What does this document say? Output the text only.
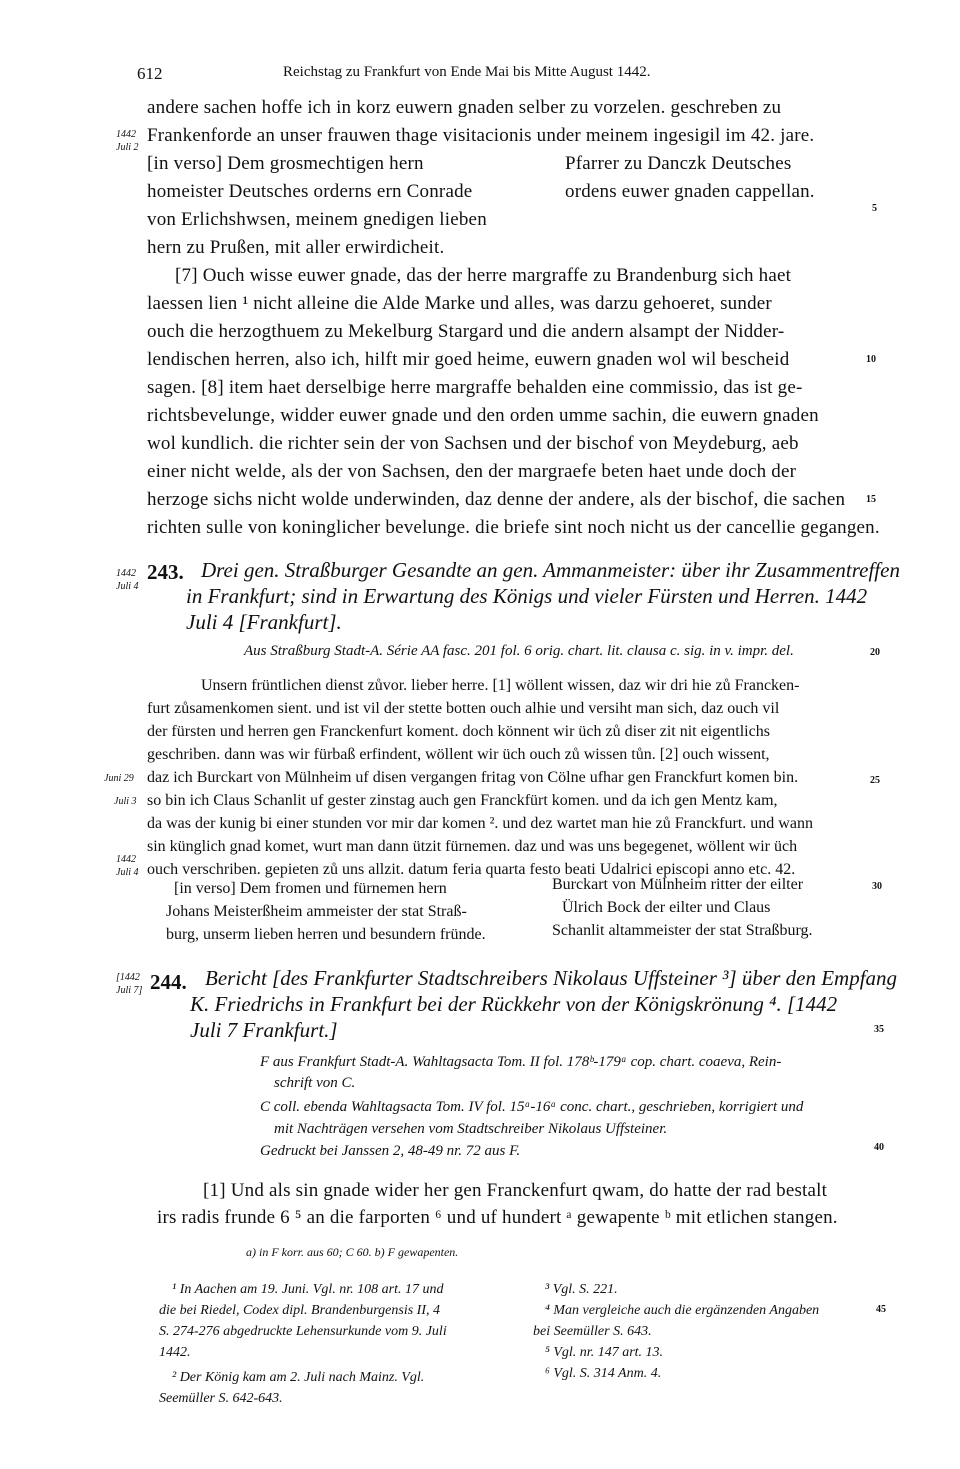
612	Reichstag zu Frankfurt von Ende Mai bis Mitte August 1442.
andere sachen hoffe ich in korz euwern gnaden selber zu vorzelen. geschreben zu
Frankenforde an unser frauwen thage visitacionis under meinem ingesigil im 42. jare.
1442
Juli 2
[in verso] Dem grosmechtigen hern
homeister Deutsches orderns ern Conrade
von Erlichshwsen, meinem gnedigen lieben
hern zu Prußen, mit aller erwirdicheit.
Pfarrer zu Danczk Deutsches
ordens euwer gnaden cappellan.
5
[7] Ouch wisse euwer gnade, das der herre margraffe zu Brandenburg sich haet
laessen lien ¹ nicht alleine die Alde Marke und alles, was darzu gehoeret, sunder
ouch die herzogthuem zu Mekelburg Stargard und die andern alsampt der Nidder-
lendischen herren, also ich, hilft mir goed heime, euwern gnaden wol wil bescheid
sagen. [8] item haet derselbige herre margraffe behalden eine commissio, das ist ge-
richtsbevelunge, widder euwer gnade und den orden umme sachin, die euwern gnaden
wol kundlich. die richter sein der von Sachsen und der bischof von Meydeburg, aeb
einer nicht welde, als der von Sachsen, den der margraefe beten haet unde doch der
herzoge sichs nicht wolde underwinden, daz denne der andere, als der bischof, die sachen
richten sulle von koninglicher bevelunge. die briefe sint noch nicht us der cancellie gegangen.
10
15
1442
Juli 4
243. Drei gen. Straßburger Gesandte an gen. Ammanmeister: über ihr Zusammentreffen
in Frankfurt; sind in Erwartung des Königs und vieler Fürsten und Herren. 1442
Juli 4 [Frankfurt].
Aus Straßburg Stadt-A. Série AA fasc. 201 fol. 6 orig. chart. lit. clausa c. sig. in v. impr. del.	20
Unsern früntlichen dienst zůvor. lieber herre. [1] wöllent wissen, daz wir dri hie zů Francken-
furt zůsamenkomen sient. und ist vil der stette botten ouch alhie und versiht man sich, daz ouch vil
der fürsten und herren gen Franckenfurt koment. doch könnent wir üch zů diser zit nit eigentlichs
geschriben. dann was wir fürbaß erfindent, wöllent wir üch ouch zů wissen tůn. [2] ouch wissent,
daz ich Burckart von Mülnheim uf disen vergangen fritag von Cölne ufhar gen Franckfurt komen bin.
so bin ich Claus Schanlit uf gester zinstag auch gen Franckfürt komen. und da ich gen Mentz kam,
da was der kunig bi einer stunden vor mir dar komen ². und dez wartet man hie zů Franckfurt. und wann
sin künglich gnad komet, wurt man dann ützit fürnemen. daz und was uns begegenet, wöllent wir üch
ouch verschriben. gepieten zů uns allzit. datum feria quarta festo beati Udalrici episcopi anno etc. 42.
Juni 29
Juli 3
1442
Juli 4
25
[in verso] Dem fromen und fürnemen hern
Johans Meisterßheim ammeister der stat Straß-
burg, unserm lieben herren und besundern fründe.
Burckart von Mülnheim ritter der eilter
Ülrich Bock der eilter und Claus
Schanlit altammeister der stat Straßburg.
30
[1442
Juli 7] 244. Bericht [des Frankfurter Stadtschreibers Nikolaus Uffsteiner ³] über den Empfang
K. Friedrichs in Frankfurt bei der Rückkehr von der Königskrönung ⁴. [1442
Juli 7 Frankfurt.]	35
F aus Frankfurt Stadt-A. Wahltagsacta Tom. II fol. 178ᵇ-179ᵃ cop. chart. coaeva, Rein-
schrift von C.
C coll. ebenda Wahltagsacta Tom. IV fol. 15ᵃ-16ᵃ conc. chart., geschrieben, korrigiert und
mit Nachträgen versehen vom Stadtschreiber Nikolaus Uffsteiner.
Gedruckt bei Janssen 2, 48-49 nr. 72 aus F.	40
[1] Und als sin gnade wider her gen Franckenfurt qwam, do hatte der rad bestalt
irs radis frunde 6 ⁵ an die farporten ⁶ und uf hundert ᵃ gewapente ᵇ mit etlichen stangen.
a) in F korr. aus 60; C 60. b) F gewapenten.
¹ In Aachen am 19. Juni. Vgl. nr. 108 art. 17 und
die bei Riedel, Codex dipl. Brandenburgensis II, 4
S. 274-276 abgedruckte Lehensurkunde vom 9. Juli
1442.
² Der König kam am 2. Juli nach Mainz. Vgl.
Seemüller S. 642-643.
³ Vgl. S. 221.
⁴ Man vergleiche auch die ergänzenden Angaben
bei Seemüller S. 643.
⁵ Vgl. nr. 147 art. 13.
⁶ Vgl. S. 314 Anm. 4.
45
